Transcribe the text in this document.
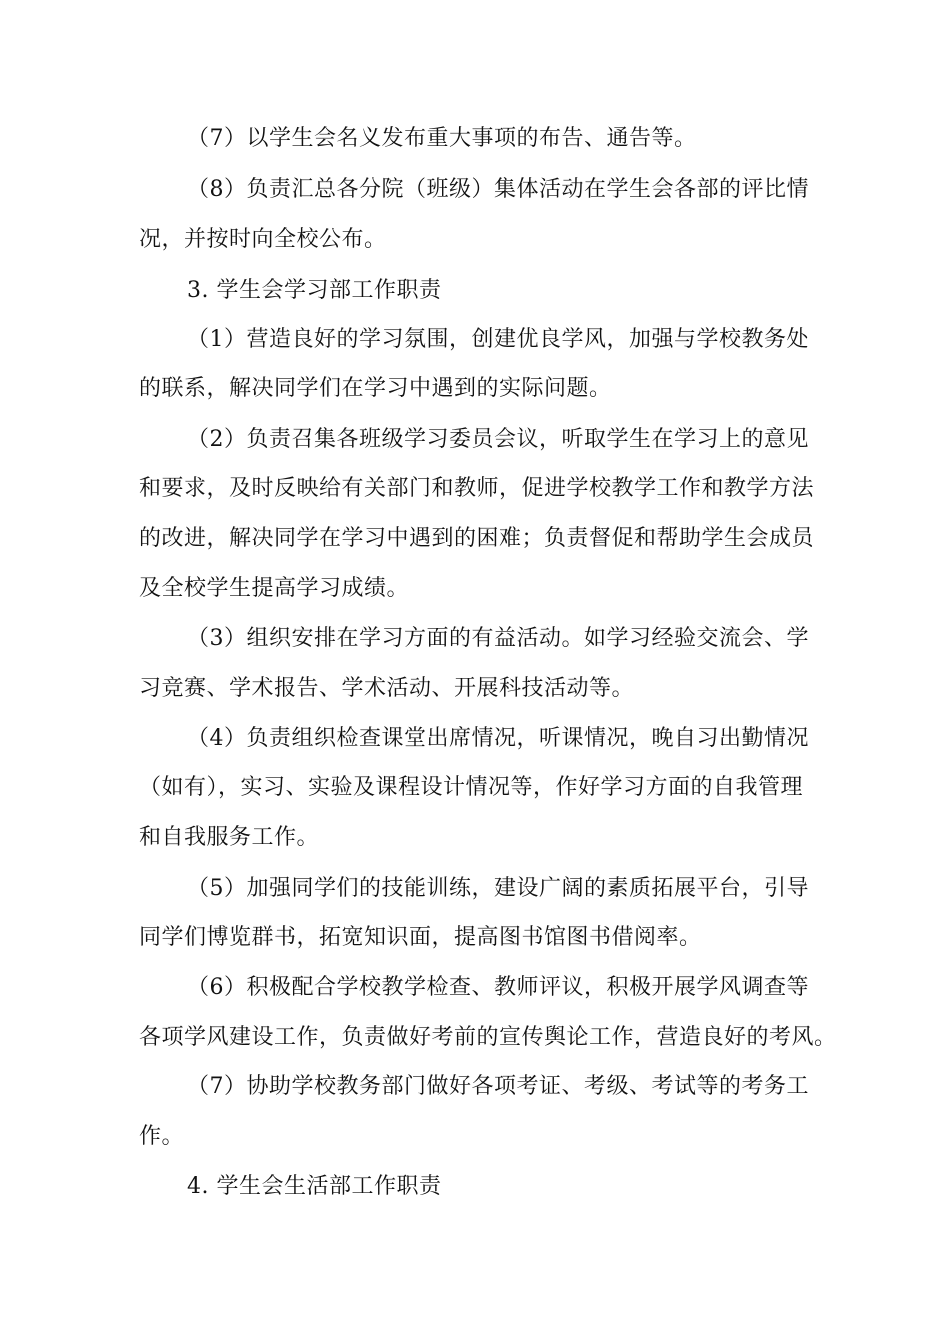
（7）以学生会名义发布重大事项的布告、通告等。
（8）负责汇总各分院（班级）集体活动在学生会各部的评比情
况，并按时向全校公布。
3. 学生会学习部工作职责
（1）营造良好的学习氛围，创建优良学风，加强与学校教务处
的联系，解决同学们在学习中遇到的实际问题。
（2）负责召集各班级学习委员会议，听取学生在学习上的意见
和要求，及时反映给有关部门和教师，促进学校教学工作和教学方法
的改进，解决同学在学习中遇到的困难；负责督促和帮助学生会成员
及全校学生提高学习成绩。
（3）组织安排在学习方面的有益活动。如学习经验交流会、学
习竞赛、学术报告、学术活动、开展科技活动等。
（4）负责组织检查课堂出席情况，听课情况，晚自习出勤情况
（如有），实习、实验及课程设计情况等，作好学习方面的自我管理
和自我服务工作。
（5）加强同学们的技能训练，建设广阔的素质拓展平台，引导
同学们博览群书，拓宽知识面，提高图书馆图书借阅率。
（6）积极配合学校教学检查、教师评议，积极开展学风调查等
各项学风建设工作，负责做好考前的宣传舆论工作，营造良好的考风。
（7）协助学校教务部门做好各项考证、考级、考试等的考务工
作。
4. 学生会生活部工作职责
